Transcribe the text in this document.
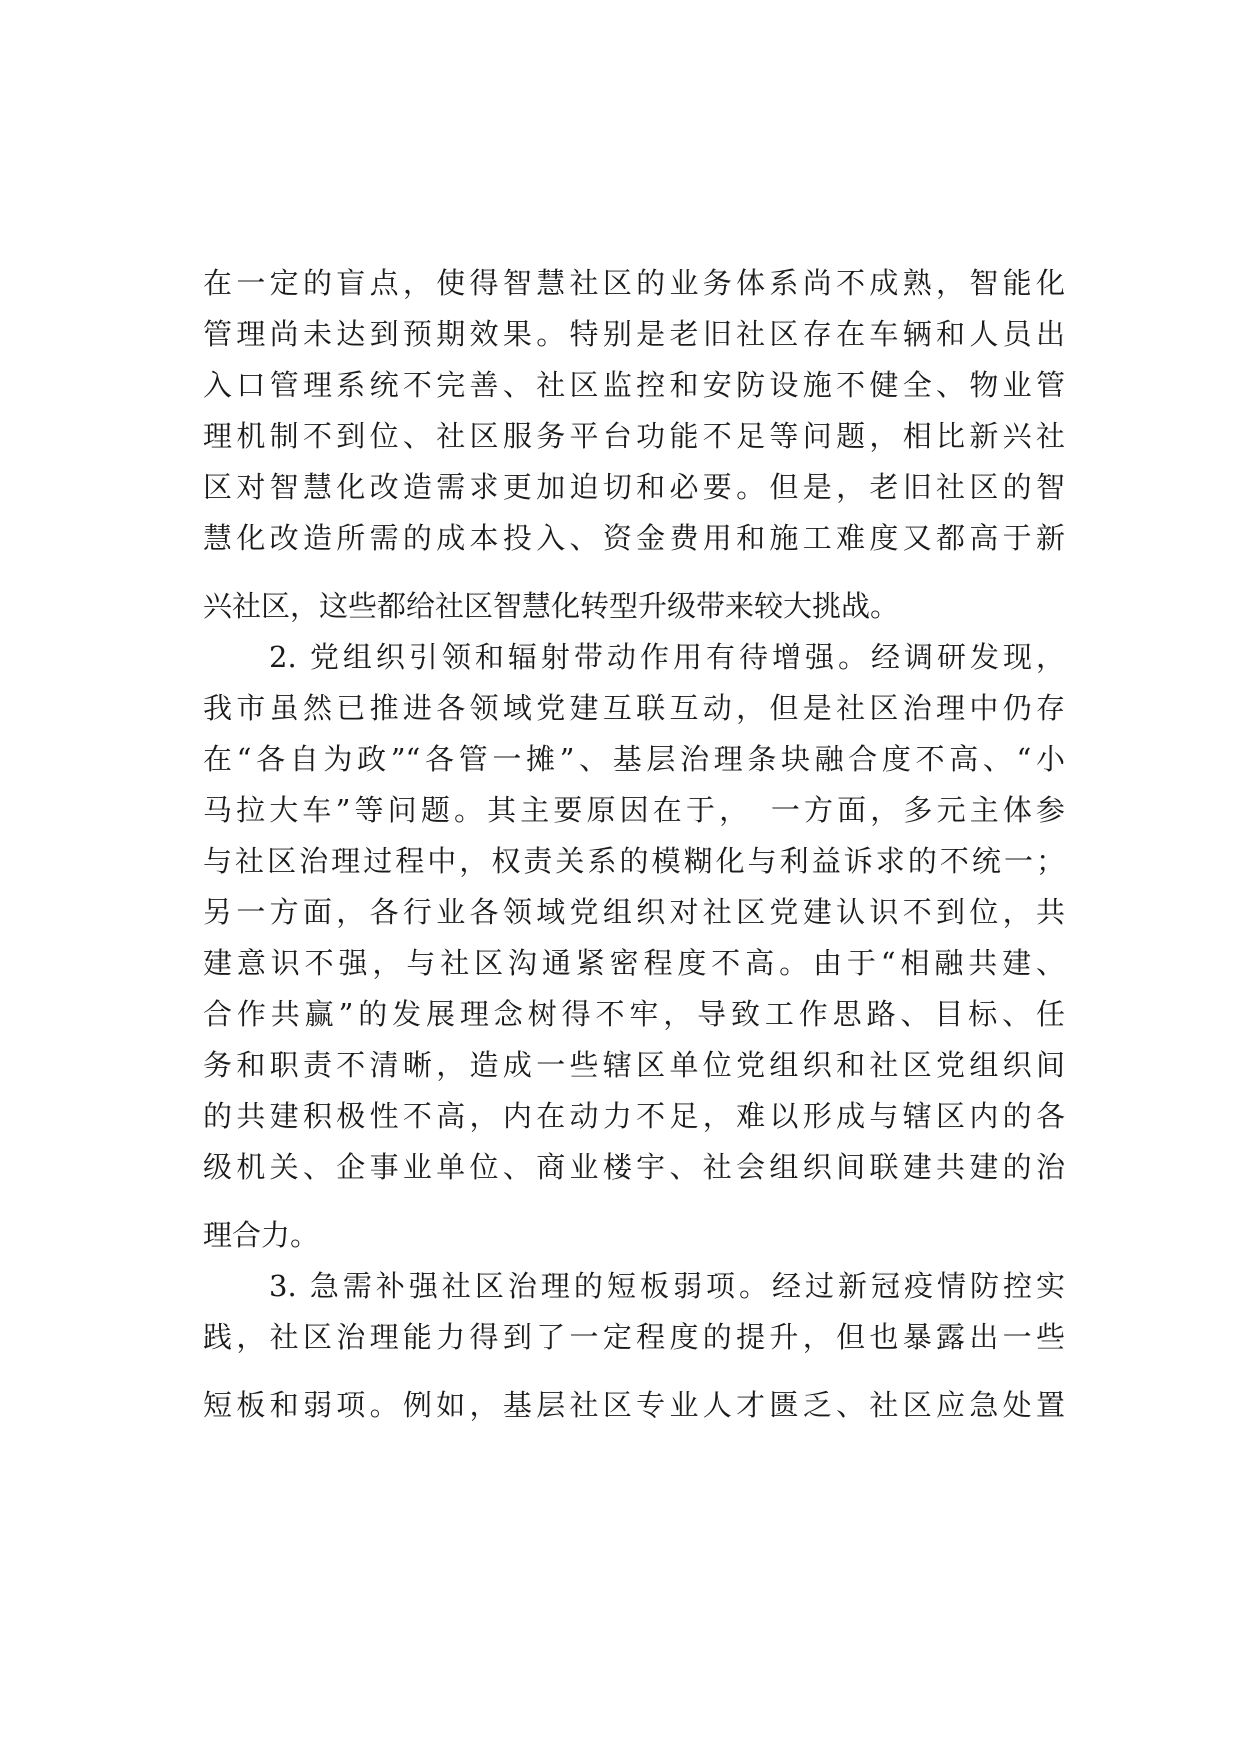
在一定的盲点，使得智慧社区的业务体系尚不成熟，智能化
管理尚未达到预期效果。特别是老旧社区存在车辆和人员出
入口管理系统不完善、社区监控和安防设施不健全、物业管
理机制不到位、社区服务平台功能不足等问题，相比新兴社
区对智慧化改造需求更加迫切和必要。但是，老旧社区的智
慧化改造所需的成本投入、资金费用和施工难度又都高于新
兴社区，这些都给社区智慧化转型升级带来较大挑战。
　　2. 党组织引领和辐射带动作用有待增强。经调研发现，
我市虽然已推进各领域党建互联互动，但是社区治理中仍存
在“各自为政”“各管一摊”、基层治理条块融合度不高、“小
马拉大车”等问题。其主要原因在于，　一方面，多元主体参
与社区治理过程中，权责关系的模糊化与利益诉求的不统一；
另一方面，各行业各领域党组织对社区党建认识不到位，共
建意识不强，与社区沟通紧密程度不高。由于“相融共建、
合作共赢”的发展理念树得不牢，导致工作思路、目标、任
务和职责不清晰，造成一些辖区单位党组织和社区党组织间
的共建积极性不高，内在动力不足，难以形成与辖区内的各
级机关、企事业单位、商业楼宇、社会组织间联建共建的治
理合力。
　　3. 急需补强社区治理的短板弱项。经过新冠疫情防控实
践，社区治理能力得到了一定程度的提升，但也暴露出一些
短板和弱项。例如，基层社区专业人才匮乏、社区应急处置
